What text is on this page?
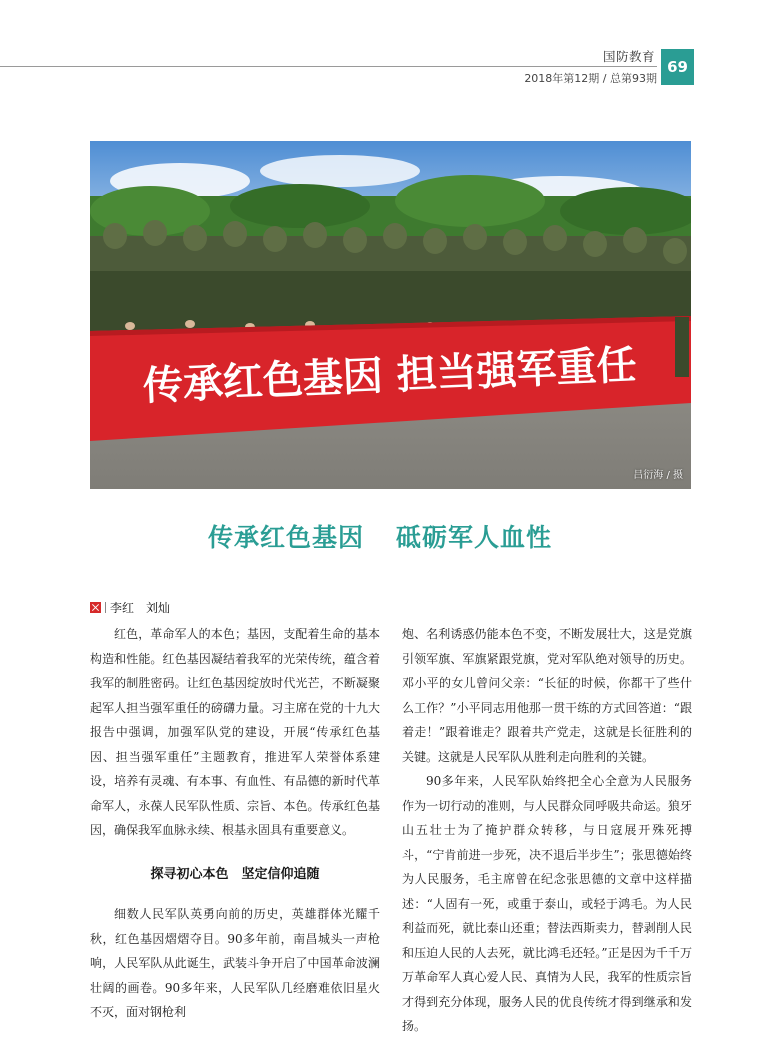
国防教育
69
2018年第12期 / 总第93期
传承红色基因 担当强军重任
吕衍海 / 摄
传承红色基因 砥砺军人血性
李红　刘灿

红色，革命军人的本色；基因，支配着生命的基本构造和性能。红色基因凝结着我军的光荣传统，蕴含着我军的制胜密码。让红色基因绽放时代光芒，不断凝聚起军人担当强军重任的磅礴力量。习主席在党的十九大报告中强调，加强军队党的建设，开展“传承红色基因、担当强军重任”主题教育，推进军人荣誉体系建设，培养有灵魂、有本事、有血性、有品德的新时代革命军人，永葆人民军队性质、宗旨、本色。传承红色基因，确保我军血脉永续、根基永固具有重要意义。

探寻初心本色　坚定信仰追随

细数人民军队英勇向前的历史，英雄群体光耀千秋，红色基因熠熠夺目。90多年前，南昌城头一声枪响，人民军队从此诞生，武装斗争开启了中国革命波澜壮阔的画卷。90多年来，人民军队几经磨难依旧星火不灭，面对钢枪利

炮、名利诱惑仍能本色不变，不断发展壮大，这是党旗引领军旗、军旗紧跟党旗，党对军队绝对领导的历史。邓小平的女儿曾问父亲：“长征的时候，你都干了些什么工作？”小平同志用他那一贯干练的方式回答道：“跟着走！”跟着谁走？跟着共产党走，这就是长征胜利的关键。这就是人民军队从胜利走向胜利的关键。

90多年来，人民军队始终把全心全意为人民服务作为一切行动的准则，与人民群众同呼吸共命运。狼牙山五壮士为了掩护群众转移，与日寇展开殊死搏斗，“宁肯前进一步死，决不退后半步生”；张思德始终为人民服务，毛主席曾在纪念张思德的文章中这样描述：“人固有一死，或重于泰山，或轻于鸿毛。为人民利益而死，就比泰山还重；替法西斯卖力，替剥削人民和压迫人民的人去死，就比鸿毛还轻。”正是因为千千万万革命军人真心爱人民、真情为人民，我军的性质宗旨才得到充分体现，服务人民的优良传统才得到继承和发扬。
